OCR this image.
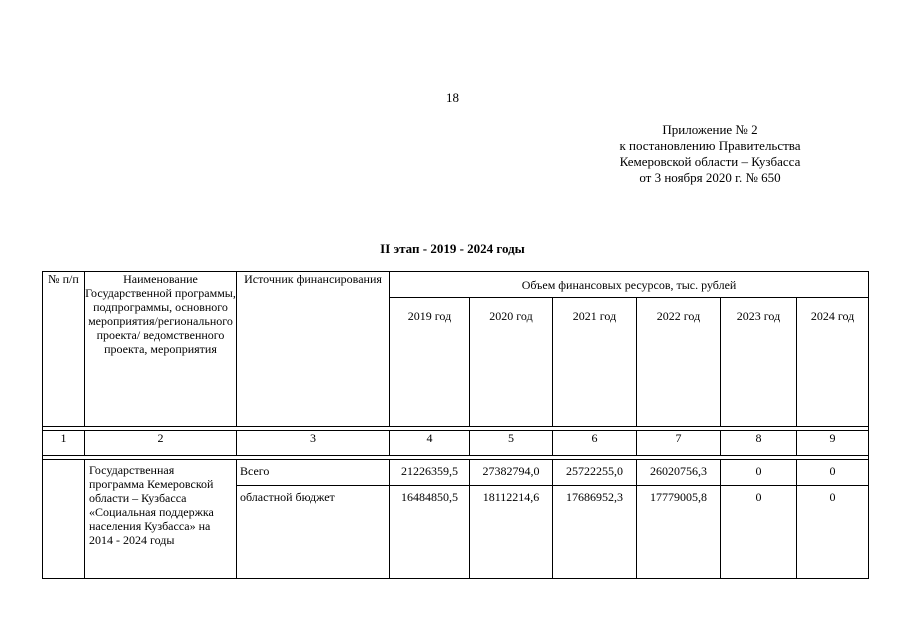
18
Приложение № 2
к постановлению Правительства
Кемеровской области – Кузбасса
от 3 ноября 2020 г. № 650
II этап - 2019 - 2024 годы
№ п/п	Наименование Государственной программы, подпрограммы, основного мероприятия/регионального проекта/ ведомственного проекта, мероприятия	Источник финансирования	Объем финансовых ресурсов, тыс. рублей					
			2019 год	2020 год	2021 год	2022 год	2023 год	2024 год

1	2	3	4	5	6	7	8	9

	Государственная программа Кемеровской области – Кузбасса «Социальная поддержка населения Кузбасса» на 2014 - 2024 годы	Всего	21226359,5	27382794,0	25722255,0	26020756,3	0	0
		областной бюджет	16484850,5	18112214,6	17686952,3	17779005,8	0	0
